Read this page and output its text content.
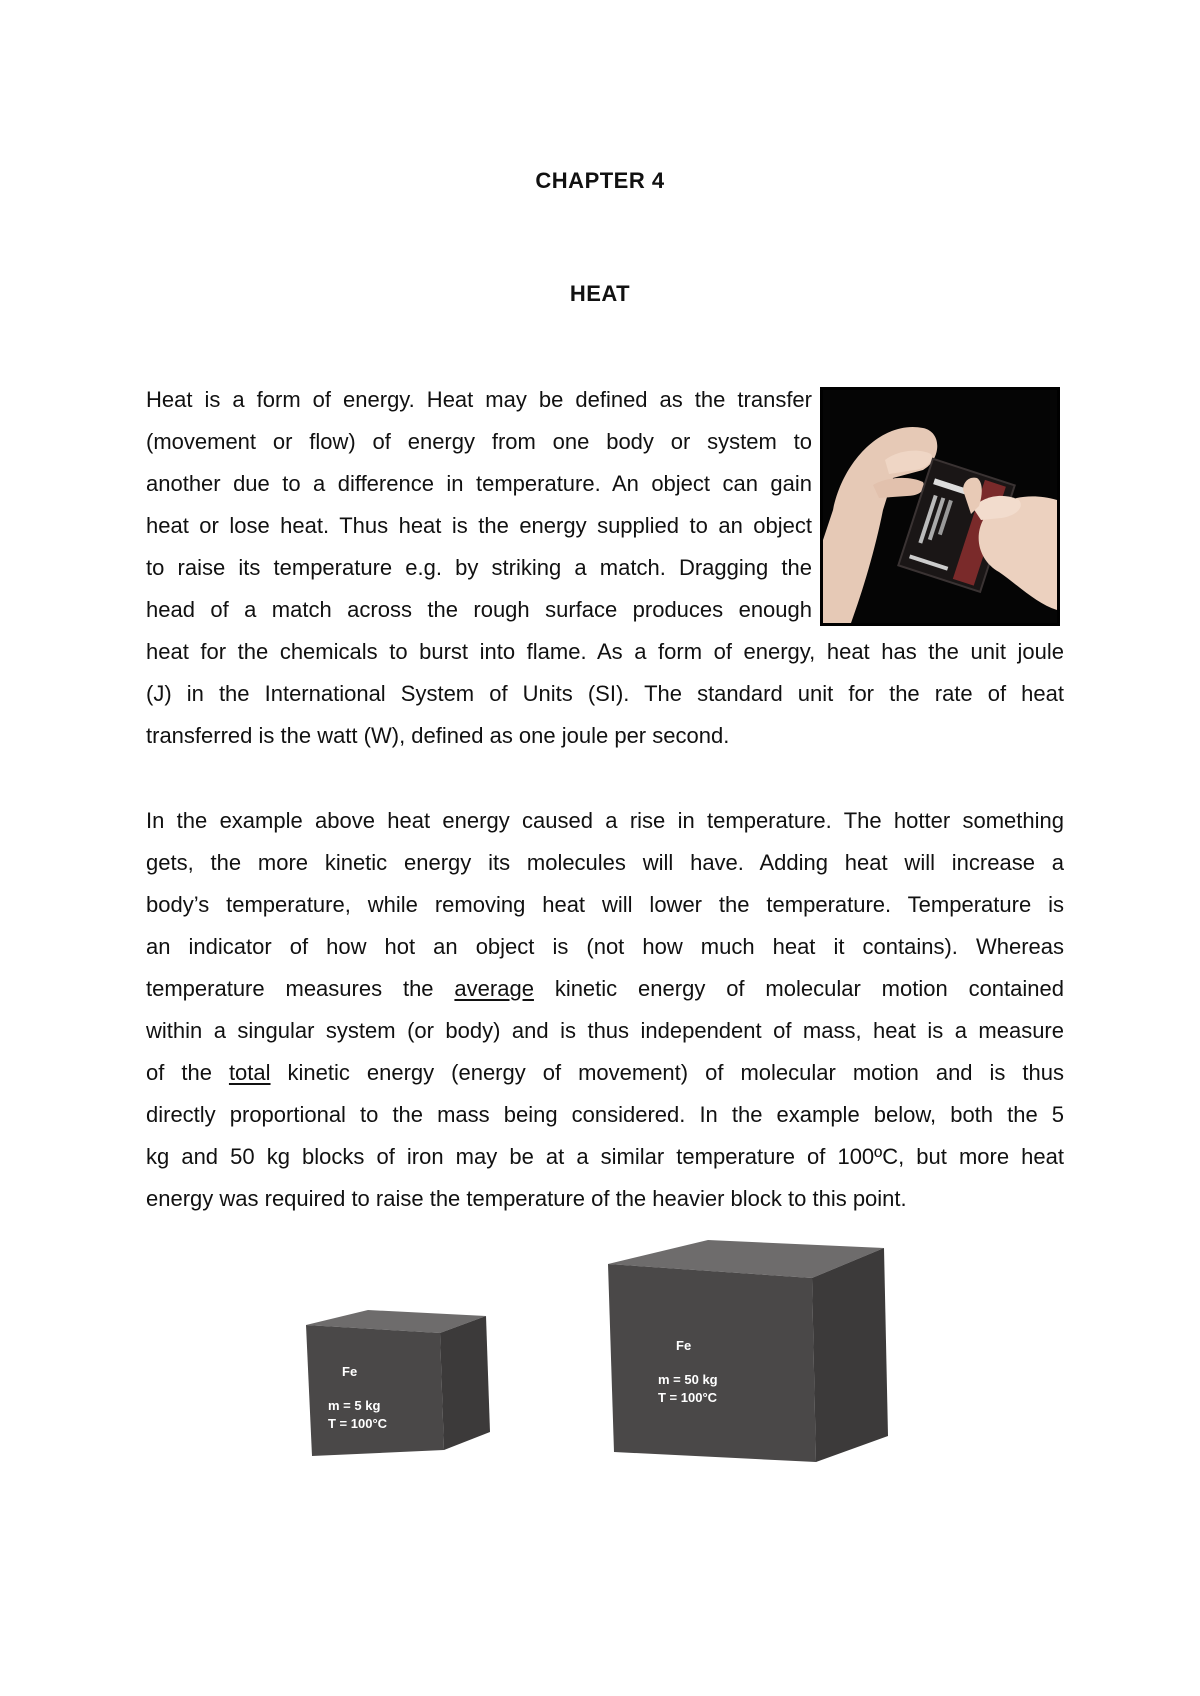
CHAPTER 4
HEAT
Heat is a form of energy. Heat may be defined as the transfer
(movement or flow) of energy from one body or system to
another due to a difference in temperature. An object can gain
heat or lose heat. Thus heat is the energy supplied to an object
to raise its temperature e.g. by striking a match. Dragging the
head of a match across the rough surface produces enough
heat for the chemicals to burst into flame. As a form of energy, heat has the unit joule
(J) in the International System of Units (SI). The standard unit for the rate of heat
transferred is the watt (W), defined as one joule per second.
In the example above heat energy caused a rise in temperature. The hotter something
gets, the more kinetic energy its molecules will have. Adding heat will increase a
body’s temperature, while removing heat will lower the temperature. Temperature is
an indicator of how hot an object is (not how much heat it contains). Whereas
temperature measures the average kinetic energy of molecular motion contained
within a singular system (or body) and is thus independent of mass, heat is a measure
of the total kinetic energy (energy of movement) of molecular motion and is thus
directly proportional to the mass being considered. In the example below, both the 5
kg and 50 kg blocks of iron may be at a similar temperature of 100ºC, but more heat
energy was required to raise the temperature of the heavier block to this point.
Fe
m = 5 kg
T = 100°C
Fe
m = 50 kg
T = 100°C
